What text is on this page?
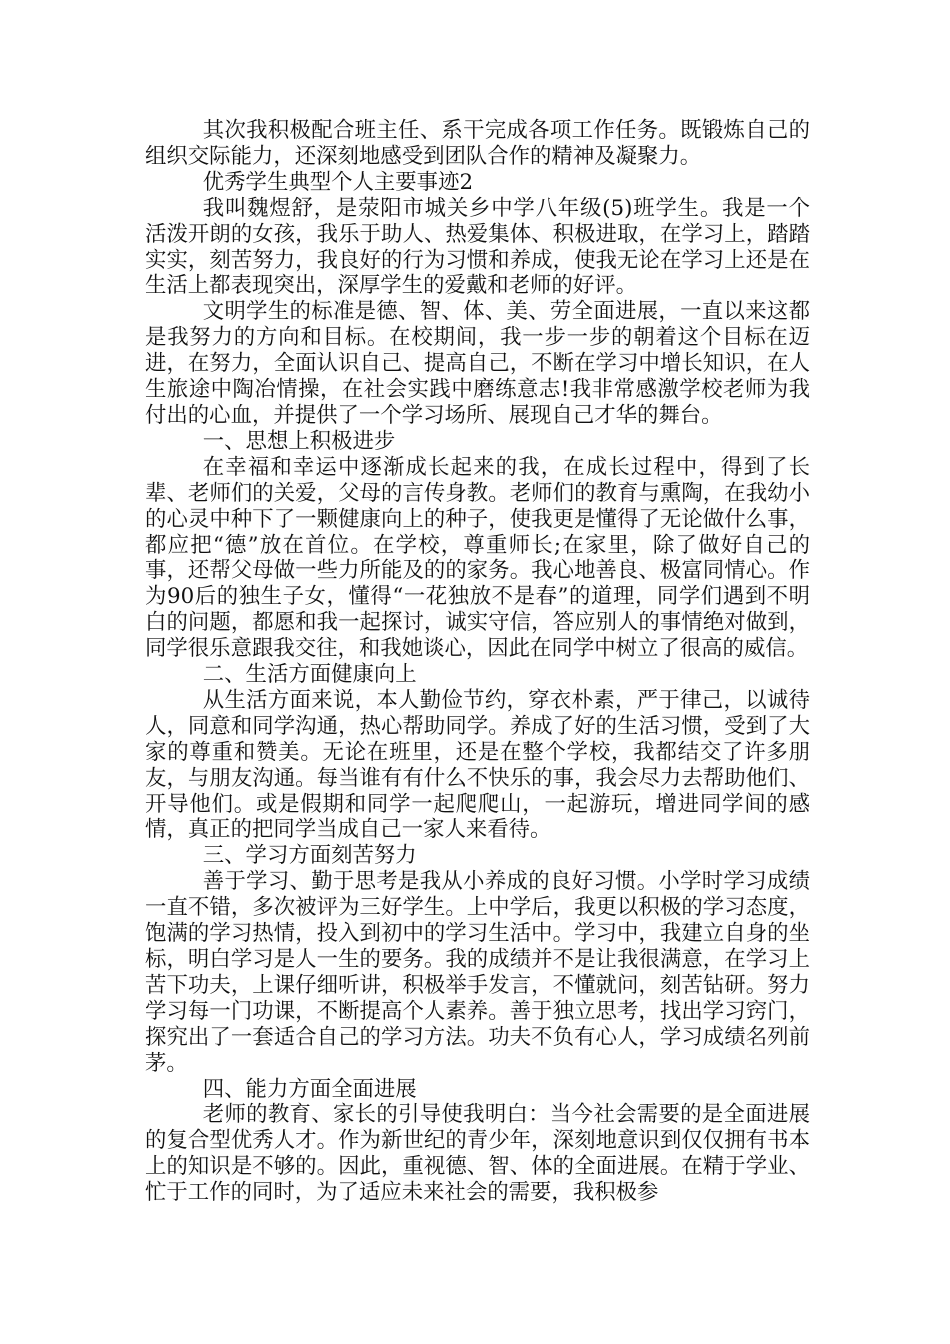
其次我积极配合班主任、系干完成各项工作任务。既锻炼自己的组织交际能力，还深刻地感受到团队合作的精神及凝聚力。

优秀学生典型个人主要事迹2

我叫魏煜舒，是荥阳市城关乡中学八年级(5)班学生。我是一个活泼开朗的女孩，我乐于助人、热爱集体、积极进取，在学习上，踏踏实实，刻苦努力，我良好的行为习惯和养成，使我无论在学习上还是在生活上都表现突出，深厚学生的爱戴和老师的好评。

文明学生的标准是德、智、体、美、劳全面进展，一直以来这都是我努力的方向和目标。在校期间，我一步一步的朝着这个目标在迈进，在努力，全面认识自己、提高自己，不断在学习中增长知识，在人生旅途中陶冶情操，在社会实践中磨练意志!我非常感激学校老师为我付出的心血，并提供了一个学习场所、展现自己才华的舞台。

一、思想上积极进步

在幸福和幸运中逐渐成长起来的我，在成长过程中，得到了长辈、老师们的关爱，父母的言传身教。老师们的教育与熏陶，在我幼小的心灵中种下了一颗健康向上的种子，使我更是懂得了无论做什么事，都应把“德”放在首位。在学校，尊重师长;在家里，除了做好自己的事，还帮父母做一些力所能及的的家务。我心地善良、极富同情心。作为90后的独生子女，懂得“一花独放不是春”的道理，同学们遇到不明白的问题，都愿和我一起探讨，诚实守信，答应别人的事情绝对做到，同学很乐意跟我交往，和我她谈心，因此在同学中树立了很高的威信。

二、生活方面健康向上

从生活方面来说，本人勤俭节约，穿衣朴素，严于律己，以诚待人，同意和同学沟通，热心帮助同学。养成了好的生活习惯，受到了大家的尊重和赞美。无论在班里，还是在整个学校，我都结交了许多朋友，与朋友沟通。每当谁有有什么不快乐的事，我会尽力去帮助他们、开导他们。或是假期和同学一起爬爬山，一起游玩，增进同学间的感情，真正的把同学当成自己一家人来看待。

三、学习方面刻苦努力

善于学习、勤于思考是我从小养成的良好习惯。小学时学习成绩一直不错，多次被评为三好学生。上中学后，我更以积极的学习态度，饱满的学习热情，投入到初中的学习生活中。学习中，我建立自身的坐标，明白学习是人一生的要务。我的成绩并不是让我很满意，在学习上苦下功夫，上课仔细听讲，积极举手发言，不懂就问，刻苦钻研。努力学习每一门功课，不断提高个人素养。善于独立思考，找出学习窍门，探究出了一套适合自己的学习方法。功夫不负有心人，学习成绩名列前茅。

四、能力方面全面进展

老师的教育、家长的引导使我明白：当今社会需要的是全面进展的复合型优秀人才。作为新世纪的青少年，深刻地意识到仅仅拥有书本上的知识是不够的。因此，重视德、智、体的全面进展。在精于学业、忙于工作的同时，为了适应未来社会的需要，我积极参
